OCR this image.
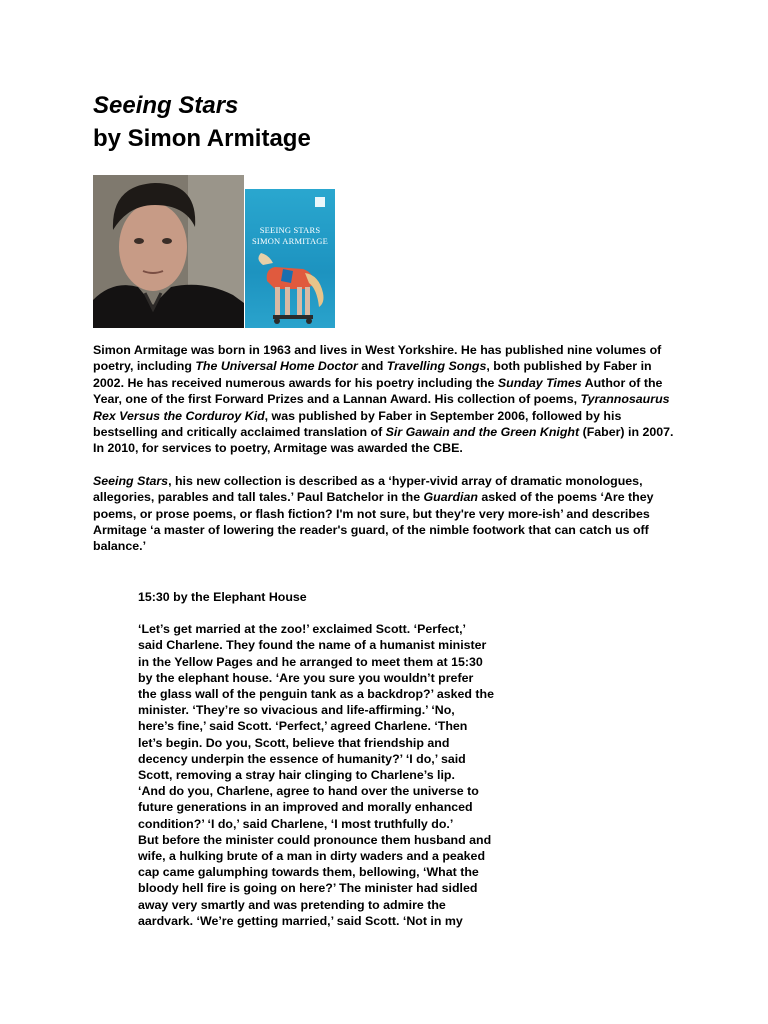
Seeing Stars
by Simon Armitage
SEEING STARS
SIMON ARMITAGE

Simon Armitage was born in 1963 and lives in West Yorkshire. He has published nine volumes of poetry, including The Universal Home Doctor and Travelling Songs, both published by Faber in 2002. He has received numerous awards for his poetry including the Sunday Times Author of the Year, one of the first Forward Prizes and a Lannan Award. His collection of poems, Tyrannosaurus Rex Versus the Corduroy Kid, was published by Faber in September 2006, followed by his bestselling and critically acclaimed translation of Sir Gawain and the Green Knight (Faber) in 2007. In 2010, for services to poetry, Armitage was awarded the CBE.

Seeing Stars, his new collection is described as a ‘hyper-vivid array of dramatic monologues, allegories, parables and tall tales.’ Paul Batchelor in the Guardian asked of the poems ‘Are they poems, or prose poems, or flash fiction? I'm not sure, but they're very more-ish’ and describes Armitage ‘a master of lowering the reader's guard, of the nimble footwork that can catch us off balance.’

15:30 by the Elephant House

‘Let’s get married at the zoo!’ exclaimed Scott. ‘Perfect,’
said Charlene. They found the name of a humanist minister
in the Yellow Pages and he arranged to meet them at 15:30
by the elephant house. ‘Are you sure you wouldn’t prefer
the glass wall of the penguin tank as a backdrop?’ asked the
minister. ‘They’re so vivacious and life-affirming.’ ‘No,
here’s fine,’ said Scott. ‘Perfect,’ agreed Charlene. ‘Then
let’s begin. Do you, Scott, believe that friendship and
decency underpin the essence of humanity?’ ‘I do,’ said
Scott, removing a stray hair clinging to Charlene’s lip.
‘And do you, Charlene, agree to hand over the universe to
future generations in an improved and morally enhanced
condition?’ ‘I do,’ said Charlene, ‘I most truthfully do.’
But before the minister could pronounce them husband and
wife, a hulking brute of a man in dirty waders and a peaked
cap came galumphing towards them, bellowing, ‘What the
bloody hell fire is going on here?’ The minister had sidled
away very smartly and was pretending to admire the
aardvark. ‘We’re getting married,’ said Scott. ‘Not in my
